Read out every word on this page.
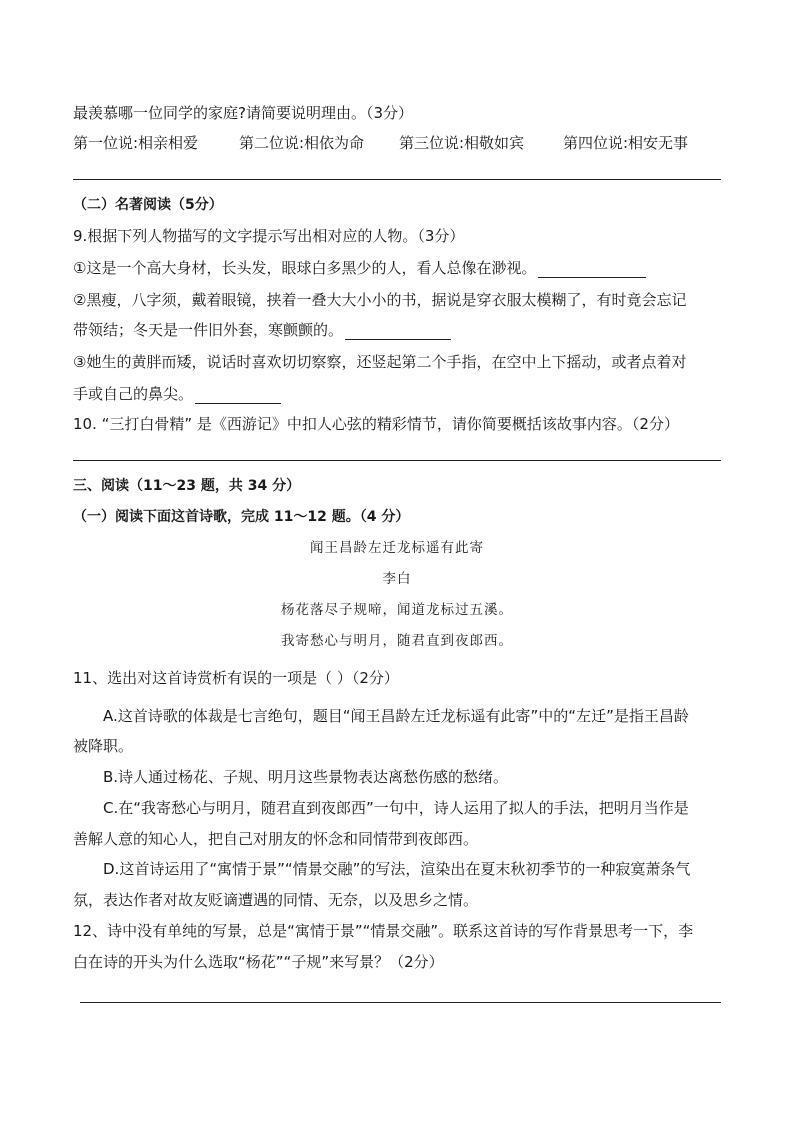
最羡慕哪一位同学的家庭?请简要说明理由。（3分）
第一位说:相亲相爱	第二位说:相依为命 第三位说:相敬如宾	第四位说:相安无事
（二）名著阅读（5分）
9.根据下列人物描写的文字提示写出相对应的人物。（3分）
①这是一个高大身材，长头发，眼球白多黑少的人，看人总像在渺视。
②黑瘦，八字须，戴着眼镜，挟着一叠大大小小的书，据说是穿衣服太模糊了，有时竟会忘记
带领结；冬天是一件旧外套，寒颤颤的。
③她生的黄胖而矮，说话时喜欢切切察察，还竖起第二个手指，在空中上下摇动，或者点着对
手或自己的鼻尖。
10. “三打白骨精” 是《西游记》中扣人心弦的精彩情节，请你简要概括该故事内容。（2分）
三、阅读（11～23 题，共 34 分）
（一）阅读下面这首诗歌，完成 11～12 题。（4 分）
闻王昌龄左迁龙标遥有此寄
李白
杨花落尽子规啼，闻道龙标过五溪。
我寄愁心与明月，随君直到夜郎西。
11、选出对这首诗赏析有误的一项是（ ）（2分）
A.这首诗歌的体裁是七言绝句，题目“闻王昌龄左迁龙标遥有此寄”中的“左迁”是指王昌龄
被降职。
B.诗人通过杨花、子规、明月这些景物表达离愁伤感的愁绪。
C.在“我寄愁心与明月，随君直到夜郎西”一句中，诗人运用了拟人的手法，把明月当作是
善解人意的知心人，把自己对朋友的怀念和同情带到夜郎西。
D.这首诗运用了“寓情于景”“情景交融”的写法，渲染出在夏末秋初季节的一种寂寞萧条气
氛，表达作者对故友贬谪遭遇的同情、无奈，以及思乡之情。
12、诗中没有单纯的写景，总是“寓情于景”“情景交融”。联系这首诗的写作背景思考一下，李
白在诗的开头为什么选取“杨花”“子规”来写景？（2分）
